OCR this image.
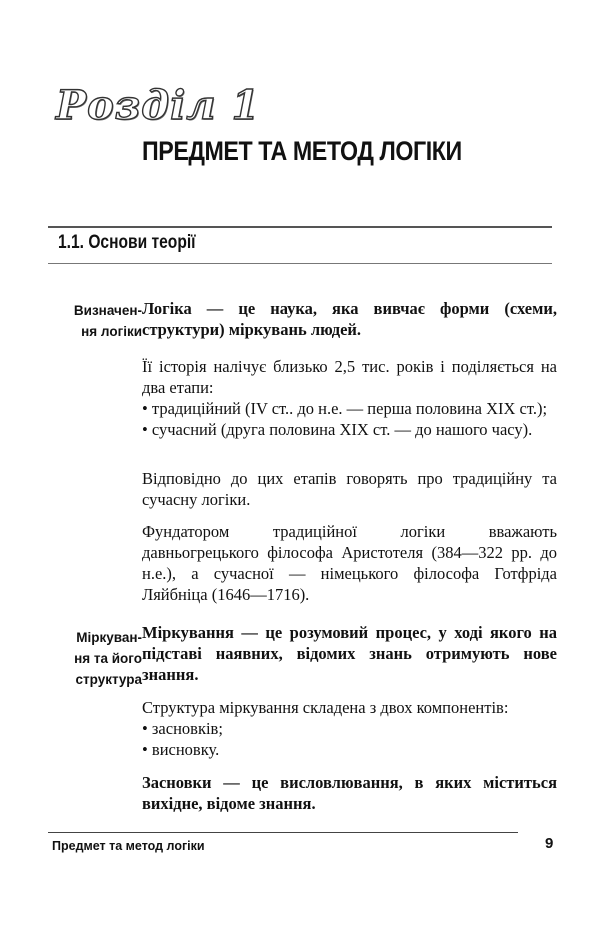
Розділ 1
ПРЕДМЕТ ТА МЕТОД ЛОГІКИ
1.1. Основи теорії
Визначен-
ня логіки
Логіка — це наука, яка вивчає форми (схеми, структури) міркувань людей.
Її історія налічує близько 2,5 тис. років і поділяється на два етапи:
• традиційний (IV ст.. до н.е. — перша половина XIX ст.);
• сучасний (друга половина XIX ст. — до нашого часу).
Відповідно до цих етапів говорять про традиційну та сучасну логіки.
Фундатором традиційної логіки вважають давньогрецького філософа Аристотеля (384—322 рр. до н.е.), а сучасної — німецького філософа Готфріда Ляйбніца (1646—1716).
Міркуван-
ня та його
структура
Міркування — це розумовий процес, у ході якого на підставі наявних, відомих знань отримують нове знання.
Структура міркування складена з двох компонентів:
• засновків;
• висновку.
Засновки — це висловлювання, в яких міститься вихідне, відоме знання.
Предмет та метод логіки	9
